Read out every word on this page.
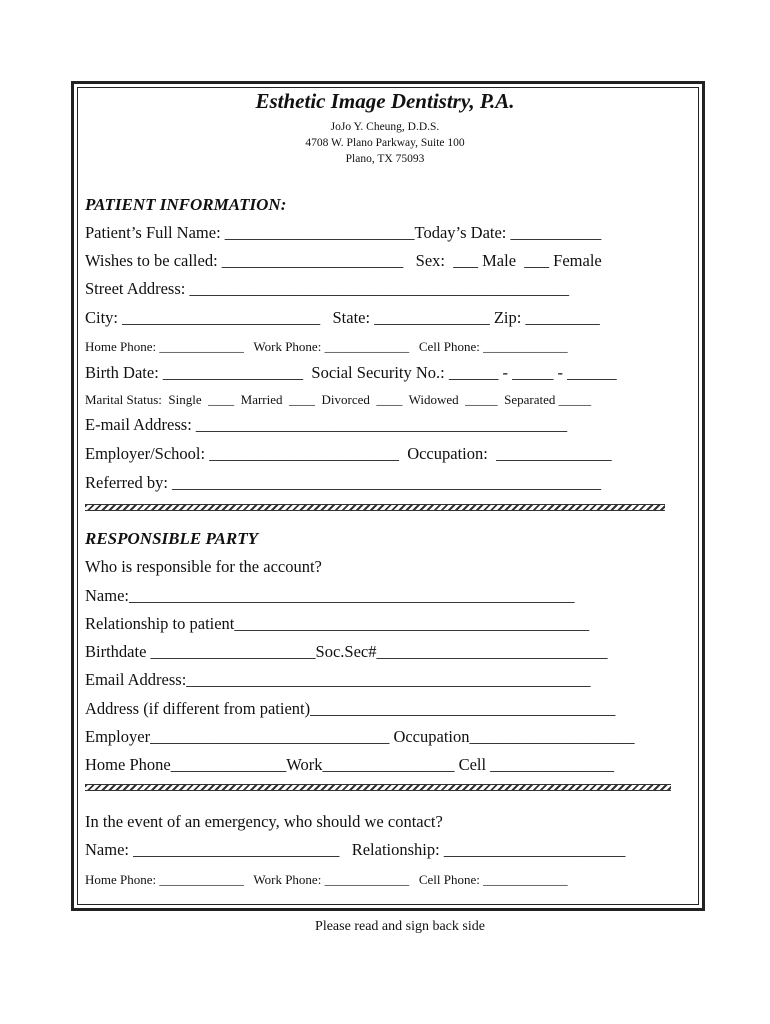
Esthetic Image Dentistry, P.A.
JoJo Y. Cheung, D.D.S.
4708 W. Plano Parkway, Suite 100
Plano, TX 75093
PATIENT INFORMATION:
Patient’s Full Name: _______________________Today’s Date: ___________
Wishes to be called: ______________________   Sex:  ___ Male  ___ Female
Street Address: ______________________________________________
City: ________________________   State: ______________ Zip: _________
Home Phone: _____________   Work Phone: _____________   Cell Phone: _____________
Birth Date: _________________  Social Security No.: ______ - _____ - ______
Marital Status:  Single  ____  Married  ____  Divorced  ____  Widowed  _____  Separated _____
E-mail Address: _____________________________________________
Employer/School: _______________________  Occupation:  ______________
Referred by: ____________________________________________________
RESPONSIBLE PARTY
Who is responsible for the account?
Name:______________________________________________________
Relationship to patient___________________________________________
Birthdate ____________________Soc.Sec#____________________________
Email Address:_________________________________________________
Address (if different from patient)_____________________________________
Employer_____________________________ Occupation____________________
Home Phone______________Work________________ Cell _______________
In the event of an emergency, who should we contact?
Name: _________________________   Relationship: ______________________
Home Phone: _____________   Work Phone: _____________   Cell Phone: _____________
Please read and sign back side
